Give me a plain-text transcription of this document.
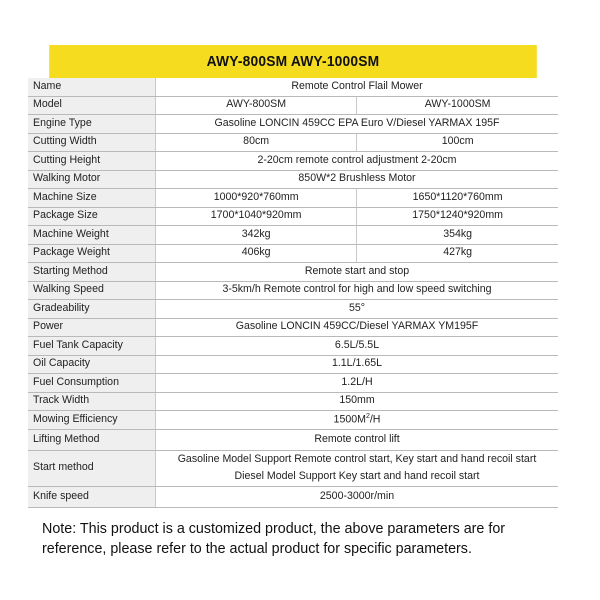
AWY-800SM AWY-1000SM
Name	Remote Control Flail Mower	
Model	AWY-800SM	AWY-1000SM
Engine Type	Gasoline LONCIN 459CC EPA Euro V/Diesel YARMAX 195F	
Cutting Width	80cm	100cm
Cutting Height	2-20cm remote control adjustment 2-20cm	
Walking Motor	850W*2 Brushless Motor	
Machine Size	1000*920*760mm	1650*1120*760mm
Package Size	1700*1040*920mm	1750*1240*920mm
Machine Weight	342kg	354kg
Package Weight	406kg	427kg
Starting Method	Remote start and stop	
Walking Speed	3-5km/h Remote control for high and low speed switching	
Gradeability	55°	
Power	Gasoline LONCIN 459CC/Diesel YARMAX YM195F	
Fuel Tank Capacity	6.5L/5.5L	
Oil Capacity	1.1L/1.65L	
Fuel Consumption	1.2L/H	
Track Width	150mm	
Mowing Efficiency	$1500M^2/H$	
Lifting Method	Remote control lift	
Start method	Gasoline Model Support Remote control start, Key start and hand recoil start
Diesel Model Support Key start and hand recoil start	

Knife speed	2500-3000r/min	
Note: This product is a customized product, the above parameters are for reference, please refer to the actual product for specific parameters.
